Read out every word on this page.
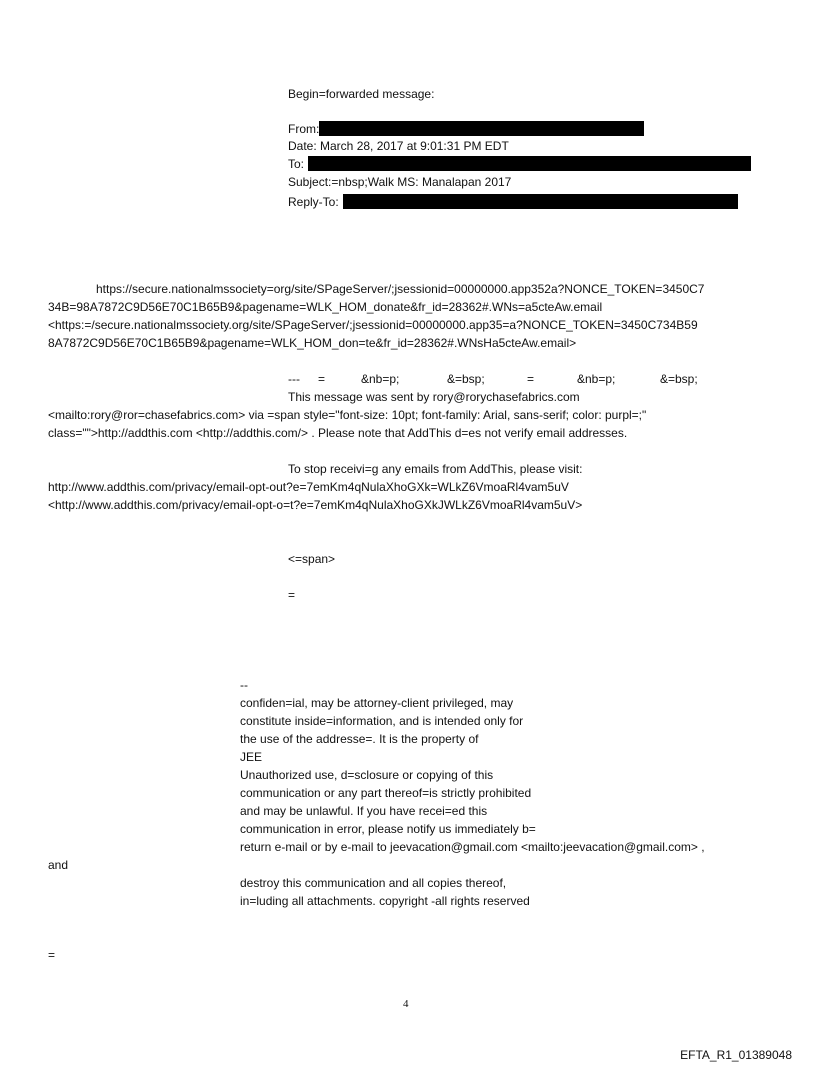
Begin=forwarded message:
From:
Date: March 28, 2017 at 9:01:31 PM EDT
To:
Subject:=nbsp;Walk MS: Manalapan 2017
Reply-To:
https://secure.nationalmssociety=org/site/SPageServer/;jsessionid=00000000.app352a?NONCE_TOKEN=3450C7
34B=98A7872C9D56E70C1B65B9&pagename=WLK_HOM_donate&fr_id=28362#.WNs=a5cteAw.email
<https:=/secure.nationalmssociety.org/site/SPageServer/;jsessionid=00000000.app35=a?NONCE_TOKEN=3450C734B59
8A7872C9D56E70C1B65B9&pagename=WLK_HOM_don=te&fr_id=28362#.WNsHa5cteAw.email>
--- =	&nb=p;	&=bsp;	=	&nb=p;	&=bsp;
This message was sent by rory@rorychasefabrics.com
<mailto:rory@ror=chasefabrics.com> via =span style="font-size: 10pt; font-family: Arial, sans-serif; color: purpl=;"
class="">http://addthis.com <http://addthis.com/> . Please note that AddThis d=es not verify email addresses.
To stop receivi=g any emails from AddThis, please visit:
http://www.addthis.com/privacy/email-opt-out?e=7emKm4qNulaXhoGXk=WLkZ6VmoaRl4vam5uV
<http://www.addthis.com/privacy/email-opt-o=t?e=7emKm4qNulaXhoGXkJWLkZ6VmoaRl4vam5uV>
<=span>
=
--
confiden=ial, may be attorney-client privileged, may
constitute inside=information, and is intended only for
the use of the addresse=. It is the property of
JEE
Unauthorized use, d=sclosure or copying of this
communication or any part thereof=is strictly prohibited
and may be unlawful. If you have recei=ed this
communication in error, please notify us immediately b=
return e-mail or by e-mail to jeevacation@gmail.com <mailto:jeevacation@gmail.com> ,
and
destroy this communication and all copies thereof,
in=luding all attachments. copyright -all rights reserved
=
4
EFTA_R1_01389048
